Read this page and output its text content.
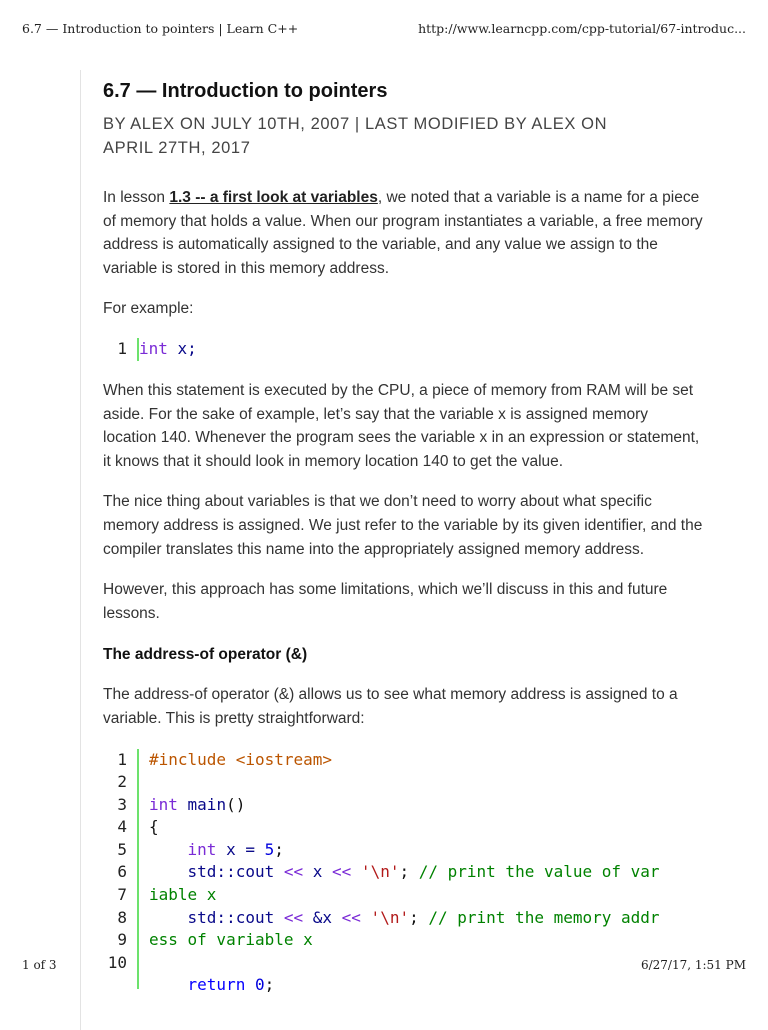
6.7 — Introduction to pointers | Learn C++	http://www.learncpp.com/cpp-tutorial/67-introduc...
6.7 — Introduction to pointers
BY ALEX ON JULY 10TH, 2007 | LAST MODIFIED BY ALEX ON
APRIL 27TH, 2017

In lesson 1.3 -- a first look at variables, we noted that a variable is a name for a piece of memory that holds a value. When our program instantiates a variable, a free memory address is automatically assigned to the variable, and any value we assign to the variable is stored in this memory address.

For example:

1 int x;

When this statement is executed by the CPU, a piece of memory from RAM will be set aside. For the sake of example, let’s say that the variable x is assigned memory location 140. Whenever the program sees the variable x in an expression or statement, it knows that it should look in memory location 140 to get the value.

The nice thing about variables is that we don’t need to worry about what specific memory address is assigned. We just refer to the variable by its given identifier, and the compiler translates this name into the appropriately assigned memory address.

However, this approach has some limitations, which we’ll discuss in this and future lessons.

The address-of operator (&)

The address-of operator (&) allows us to see what memory address is assigned to a variable. This is pretty straightforward:

1
2
3
4
5
6
7
8
9
10
#include <iostream>
int main()
{
int x = 5;
std::cout << x << '\n'; // print the value of var
iable x
std::cout << &x << '\n'; // print the memory addr
ess of variable x
return 0;
1 of 3	6/27/17, 1:51 PM
